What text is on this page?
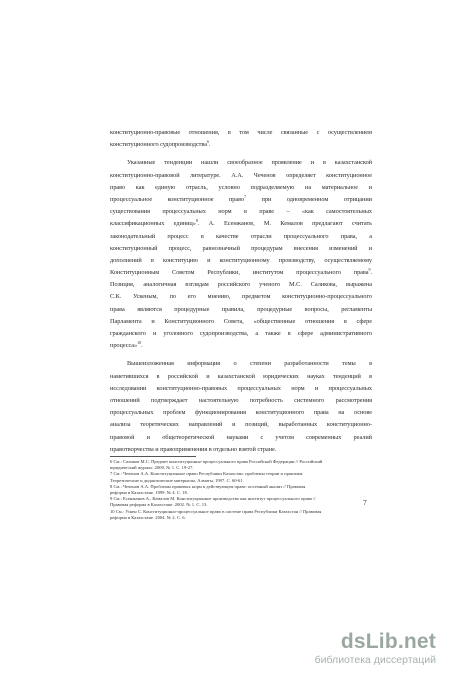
конституционно-правовые отношения, в том числе связанные с осуществлением
конституционного судопроизводства$^6$.
Указанные тенденции нашли своеобразное проявление и в казахстанской
конституционно-правовой литературе. А.А. Чеченов определяет конституционное
право как единую отрасль, условно подразделяемую на материальное и
процессуальное конституционное право$^7$ при одновременном отрицании
существования процессуальных норм в праве – «как самостоятельных
классификационных единиц»$^8$. А. Есенжанов, М. Кемалов предлагают считать
законодательный процесс в качестве отрасли процессуального права, а
конституционный процесс, равнозначный процедурам внесения изменений и
дополнений в конституцию и конституционному производству, осуществляемому
Конституционным Советом Республики, институтом процессуального права$^9$.
Позиция, аналогичная взглядам российского ученого М.С. Саликова, выражена
С.К. Ускеным, по его мнению, предметом конституционно-процессуального
права являются процедурные правила, процедурные вопросы, регламенты
Парламента и Конституционного Совета, «общественные отношения в сфере
гражданского и уголовного судопроизводства, а также в сфере административного
процесса»$^{10}$.
Вышеизложенная информация о степени разработанности темы в
наметившихся в российской и казахстанской юридических науках тенденций в
исследовании конституционно-правовых процессуальных норм и процессуальных
отношений подтверждает настоятельную потребность системного рассмотрения
процессуальных проблем функционирования конституционного права на основе
анализа теоретических направлений и позиций, выработанных конституционно-
правовой и общетеоретической науками с учетом современных реалий
правотворчества и правоприменения в отдельно взятой стране.
6 См.: Саликов М.С. Предмет конституционно-процессуального права Российской Федерации // Российский
юридический журнал. 2000. № 1. С. 19-27.
7 См.: Чеченов А.А. Конституционное право Республики Казахстан: проблемы теории и практики.
Теоретические и дидактические материалы. Алматы, 1997. С. 60-61.
8 См.: Чеченов А.А. Проблемы правовых норм в действующем праве: посемный анализ // Правовая
реформа в Казахстане. 1999. № 4. С. 18.
9 См.: Есенжанов А., Кемалов М. Конституционное производство как институт процессуального права //
Правовая реформа в Казахстане. 2002. № 1. С. 13.
10 См.: Ускен С. Конституционно-процессуальное право в системе права Республики Казахстан // Правовая
реформа в Казахстане. 2004. № 2. С. 6.
7
dsLib.net
библиотека диссертаций
